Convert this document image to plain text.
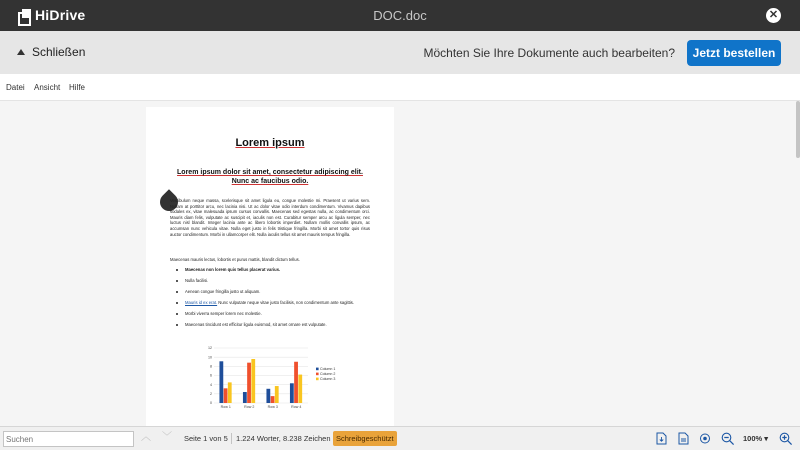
HiDrive	DOC.doc	✕
Schließen	Möchten Sie Ihre Dokumente auch bearbeiten?	Jetzt bestellen
Datei Ansicht Hilfe
Lorem ipsum
Lorem ipsum dolor sit amet, consectetur adipiscing elit. Nunc ac faucibus odio.

Vestibulum neque massa, scelerisque sit amet ligula eu, congue molestie mi. Praesent ut varius sem. Nullam at porttitor arcu, nec lacinia nisi. Ut ac dolor vitae odio interdum condimentum. Vivamus dapibus sodales ex, vitae malesuada ipsum cursus convallis. Maecenas sed egestas nulla, ac condimentum orci. Mauris diam felis, vulputate ac suscipit et, iaculis non est. Curabitur semper arcu ac ligula semper, nec luctus nisl blandit. Integer lacinia ante ac libero lobortis imperdiet. Nullam mollis convallis ipsum, ac accumsan nunc vehicula vitae. Nulla eget justo in felis tristique fringilla. Morbi sit amet tortor quis risus auctor condimentum. Morbi in ullamcorper elit. Nulla iaculis tellus sit amet mauris tempus fringilla.

Maecenas mauris lectus, lobortis et purus mattis, blandit dictum tellus.

Maecenas non lorem quis tellus placerat varius.
Nulla facilisi.
Aenean congue fringilla justo ut aliquam.
Mauris id ex erat. Nunc vulputate neque vitae justo facilisis, non condimentum ante sagittis.
Morbi viverra semper lorem nec molestie.
Maecenas tincidunt est efficitur ligula euismod, sit amet ornare est vulputate.
0
2
4
6
8
10
12
Row 1	Row 2	Row 3	Row 4
Column 1
Column 2
Column 3
Suchen
︿ ﹀ Seite 1 von 5 1.224 Worter, 8.238 Zeichen Schreibgeschützt	100% ▾
